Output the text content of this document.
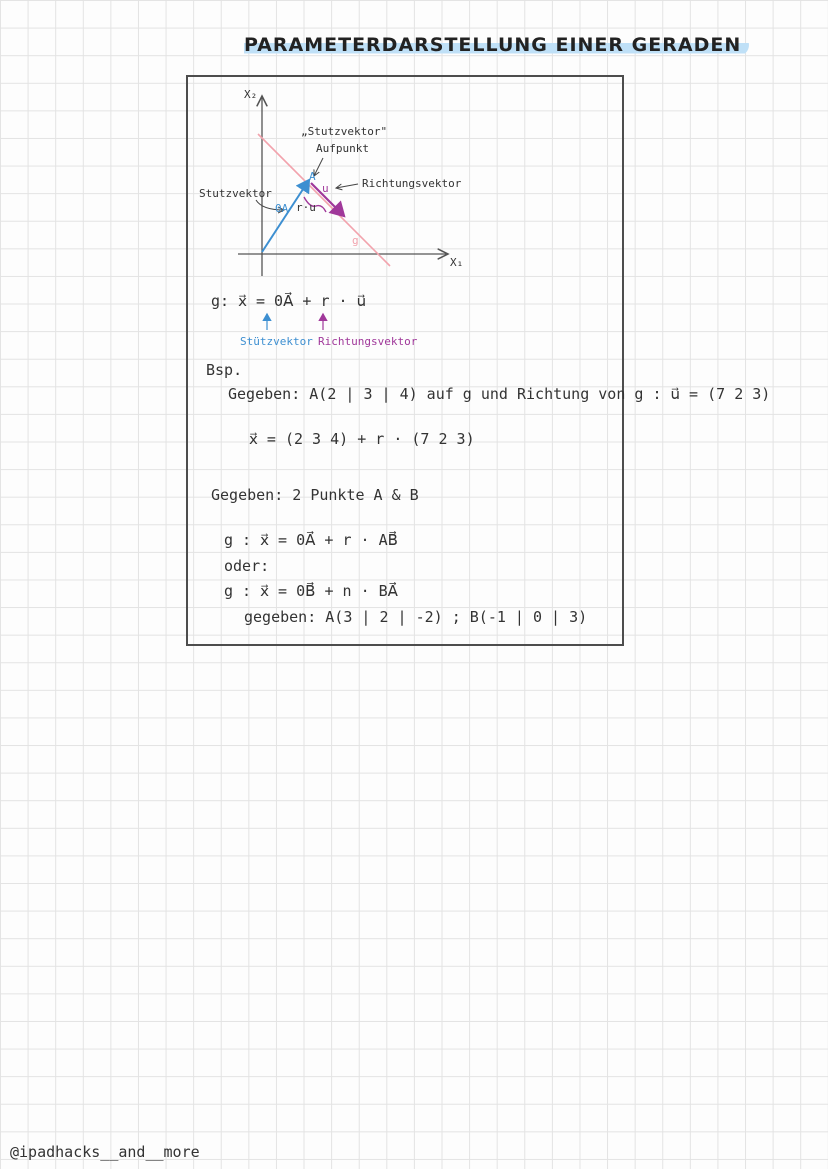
PARAMETERDARSTELLUNG EINER GERADEN
X₂
X₁
„Stutzvektor"
Aufpunkt
Stutzvektor
Richtungsvektor
A
0A
u
r·u
g
g: x⃗ = 0A⃗ + r · u⃗
Stützvektor Richtungsvektor
Bsp.
Gegeben: A(2 | 3 | 4) auf g und Richtung von g : u⃗ = (7 2 3)
x⃗ = (2 3 4) + r · (7 2 3)
Gegeben: 2 Punkte A & B
g : x⃗ = 0A⃗ + r · AB⃗
oder:
g : x⃗ = 0B⃗ + n · BA⃗
gegeben: A(3 | 2 | -2) ; B(-1 | 0 | 3)
@ipadhacks__and__more
